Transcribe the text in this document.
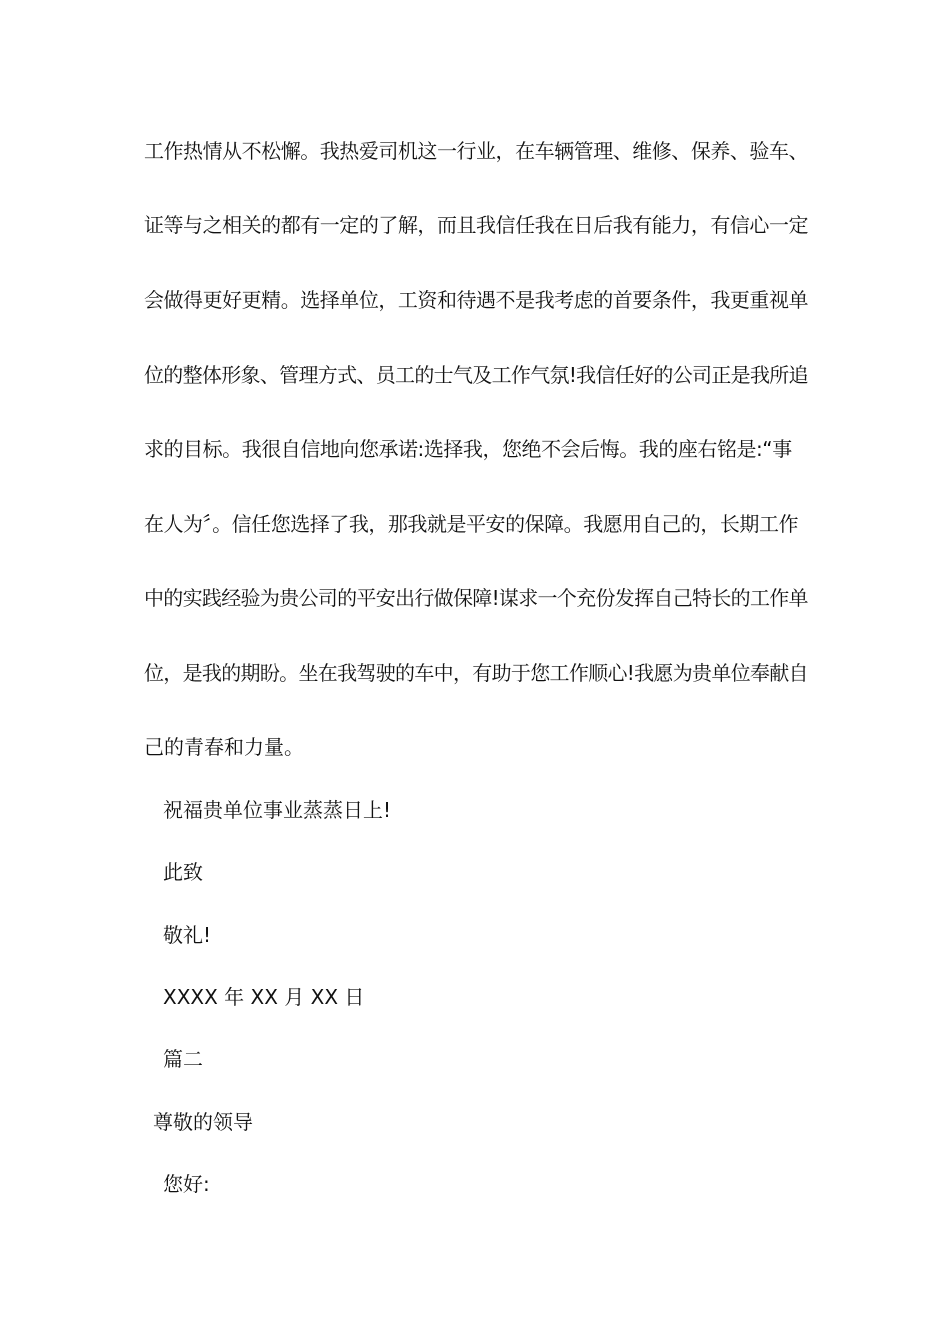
工作热情从不松懈。我热爱司机这一行业，在车辆管理、维修、保养、验车、
证等与之相关的都有一定的了解，而且我信任我在日后我有能力，有信心一定
会做得更好更精。选择单位，工资和待遇不是我考虑的首要条件，我更重视单
位的整体形象、管理方式、员工的士气及工作气氛!我信任好的公司正是我所追
求的目标。我很自信地向您承诺:选择我，您绝不会后悔。我的座右铭是:“事
在人为〞。信任您选择了我，那我就是平安的保障。我愿用自己的，长期工作
中的实践经验为贵公司的平安出行做保障!谋求一个充份发挥自己特长的工作单
位，是我的期盼。坐在我驾驶的车中，有助于您工作顺心!我愿为贵单位奉献自
己的青春和力量。
祝福贵单位事业蒸蒸日上!
此致
敬礼!
XXXX 年 XX 月 XX 日
篇二
尊敬的领导
您好:
